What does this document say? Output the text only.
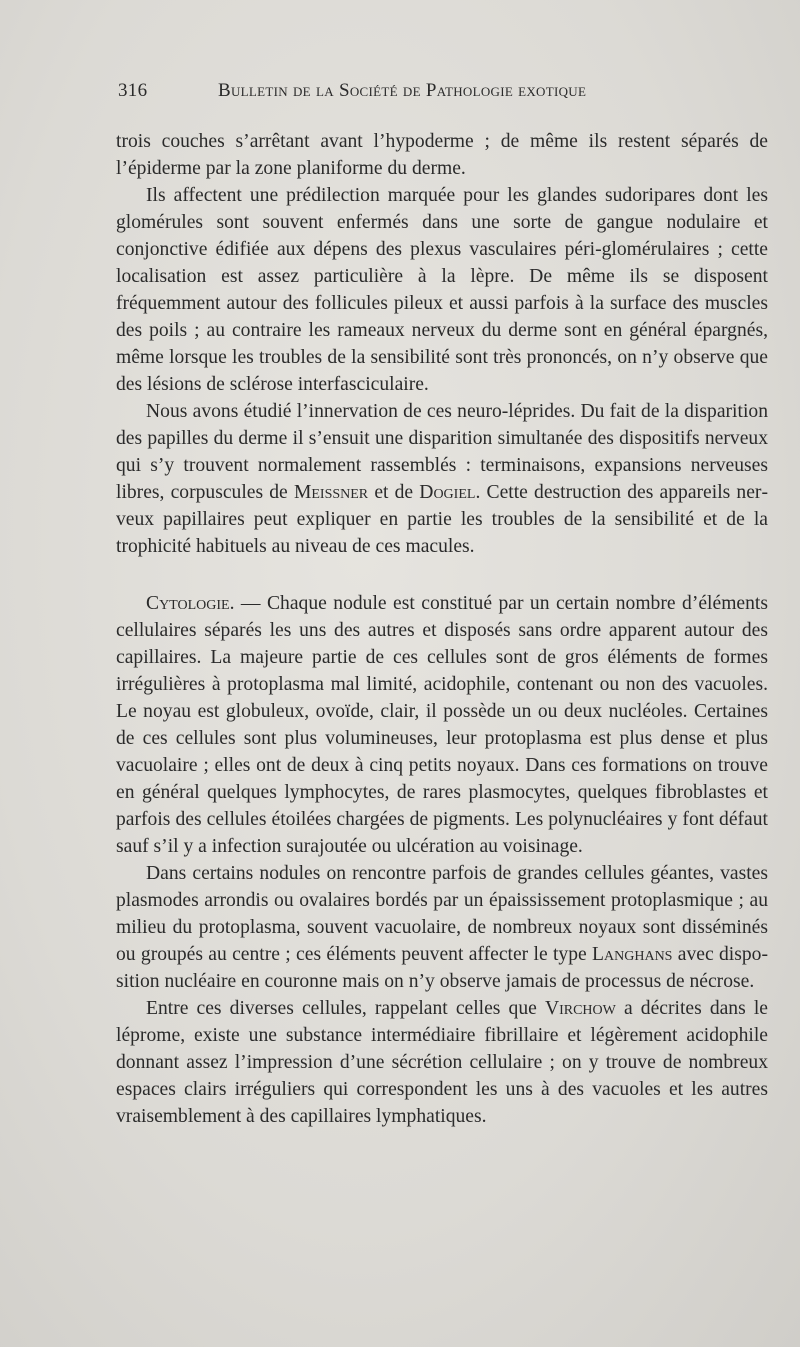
316	Bulletin de la Société de Pathologie exotique

trois couches s’arrêtant avant l’hypoderme ; de même ils restent séparés de l’épiderme par la zone planiforme du derme.

Ils affectent une prédilection marquée pour les glandes sudoripares dont les glomérules sont souvent enfermés dans une sorte de gangue nodulaire et conjonctive édifiée aux dépens des plexus vasculaires péri-glomérulaires ; cette localisation est assez particulière à la lèpre. De même ils se disposent fréquemment autour des follicules pileux et aussi parfois à la surface des muscles des poils ; au contraire les rameaux nerveux du derme sont en général épargnés, même lorsque les troubles de la sensibilité sont très prononcés, on n’y observe que des lésions de sclérose interfasciculaire.

Nous avons étudié l’innervation de ces neuro-léprides. Du fait de la disparition des papilles du derme il s’ensuit une disparition simultanée des dispositifs nerveux qui s’y trouvent normalement rassemblés : terminaisons, expansions nerveuses libres, corpuscules de Meissner et de Dogiel. Cette destruction des appareils nerveux papillaires peut expliquer en partie les troubles de la sensibilité et de la trophicité habituels au niveau de ces macules.

Cytologie. — Chaque nodule est constitué par un certain nombre d’éléments cellulaires séparés les uns des autres et disposés sans ordre apparent autour des capillaires. La majeure partie de ces cellules sont de gros éléments de formes irrégulières à protoplasma mal limité, acidophile, contenant ou non des vacuoles. Le noyau est globuleux, ovoïde, clair, il possède un ou deux nucléoles. Certaines de ces cellules sont plus volumineuses, leur protoplasma est plus dense et plus vacuolaire ; elles ont de deux à cinq petits noyaux. Dans ces formations on trouve en général quelques lymphocytes, de rares plasmocytes, quelques fibroblastes et parfois des cellules étoilées chargées de pigments. Les polynucléaires y font défaut sauf s’il y a infection surajoutée ou ulcération au voisinage.

Dans certains nodules on rencontre parfois de grandes cellules géantes, vastes plasmodes arrondis ou ovalaires bordés par un épaississement protoplasmique ; au milieu du protoplasma, souvent vacuolaire, de nombreux noyaux sont disséminés ou groupés au centre ; ces éléments peuvent affecter le type Langhans avec disposition nucléaire en couronne mais on n’y observe jamais de processus de nécrose.

Entre ces diverses cellules, rappelant celles que Virchow a décrites dans le léprome, existe une substance intermédiaire fibrillaire et légèrement acidophile donnant assez l’impression d’une sécrétion cellulaire ; on y trouve de nombreux espaces clairs irréguliers qui correspondent les uns à des vacuoles et les autres vraisemblement à des capillaires lymphatiques.
